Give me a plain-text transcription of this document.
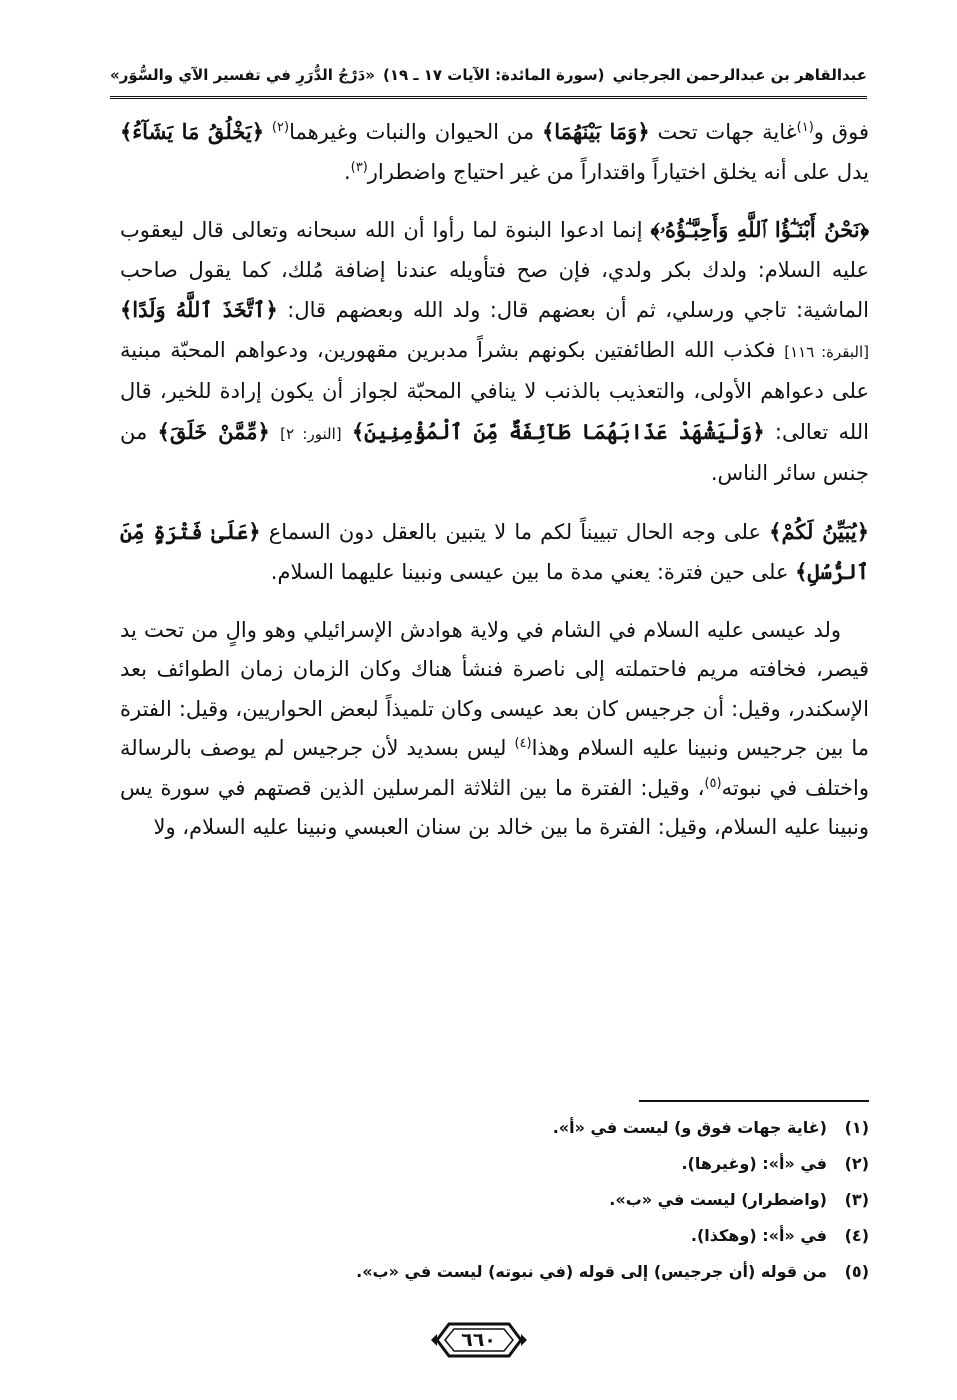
عبدالقاهر بن عبدالرحمن الجرجاني
(سورة المائدة: الآيات ١٧ ـ ١٩)
«دَرْجُ الدُّرَرِ في تفسير الآي والسُّوَر»

فوق و$^{(١)}$غاية جهات تحت ﴿وَمَا بَيْنَهُمَا﴾ من الحيوان والنبات وغيرهما$^{(٢)}$ ﴿يَخْلُقُ مَا يَشَآءُ﴾ يدل على أنه يخلق اختياراً واقتداراً من غير احتياج واضطرار$^{(٣)}$.

﴿نَحْنُ أَبْنَـٰٓؤُا ٱللَّهِ وَأَحِبَّـٰٓؤُهُۥ﴾ إنما ادعوا البنوة لما رأوا أن الله سبحانه وتعالى قال ليعقوب عليه السلام: ولدك بكر ولدي، فإن صح فتأويله عندنا إضافة مُلك، كما يقول صاحب الماشية: تاجي ورسلي، ثم أن بعضهم قال: ولد الله وبعضهم قال: ﴿ٱتَّخَذَ ٱللَّهُ وَلَدًا﴾ [البقرة: ١١٦] فكذب الله الطائفتين بكونهم بشراً مدبرين مقهورين، ودعواهم المحبّة مبنية على دعواهم الأولى، والتعذيب بالذنب لا ينافي المحبّة لجواز أن يكون إرادة للخير، قال الله تعالى: ﴿وَلْيَشْهَدْ عَذَابَهُمَا طَآئِفَةٌ مِّنَ ٱلْمُؤْمِنِينَ﴾ [النور: ٢] ﴿مِّمَّنْ خَلَقَ﴾ من جنس سائر الناس.

﴿يُبَيِّنُ لَكُمْ﴾ على وجه الحال تبييناً لكم ما لا يتبين بالعقل دون السماع ﴿عَلَىٰ فَتْرَةٍ مِّنَ ٱلرُّسُلِ﴾ على حين فترة: يعني مدة ما بين عيسى ونبينا عليهما السلام.

ولد عيسى عليه السلام في الشام في ولاية هوادش الإسرائيلي وهو والٍ من تحت يد قيصر، فخافته مريم فاحتملته إلى ناصرة فنشأ هناك وكان الزمان زمان الطوائف بعد الإسكندر، وقيل: أن جرجيس كان بعد عيسى وكان تلميذاً لبعض الحواريين، وقيل: الفترة ما بين جرجيس ونبينا عليه السلام وهذا$^{(٤)}$ ليس بسديد لأن جرجيس لم يوصف بالرسالة واختلف في نبوته$^{(٥)}$، وقيل: الفترة ما بين الثلاثة المرسلين الذين قصتهم في سورة يس ونبينا عليه السلام، وقيل: الفترة ما بين خالد بن سنان العبسي ونبينا عليه السلام، ولا

(١)
(غاية جهات فوق و) ليست في «أ».
(٢)
في «أ»: (وغيرها).
(٣)
(واضطرار) ليست في «ب».
(٤)
في «أ»: (وهكذا).
(٥)
من قوله (أن جرجيس) إلى قوله (في نبوته) ليست في «ب».
٦٦٠
